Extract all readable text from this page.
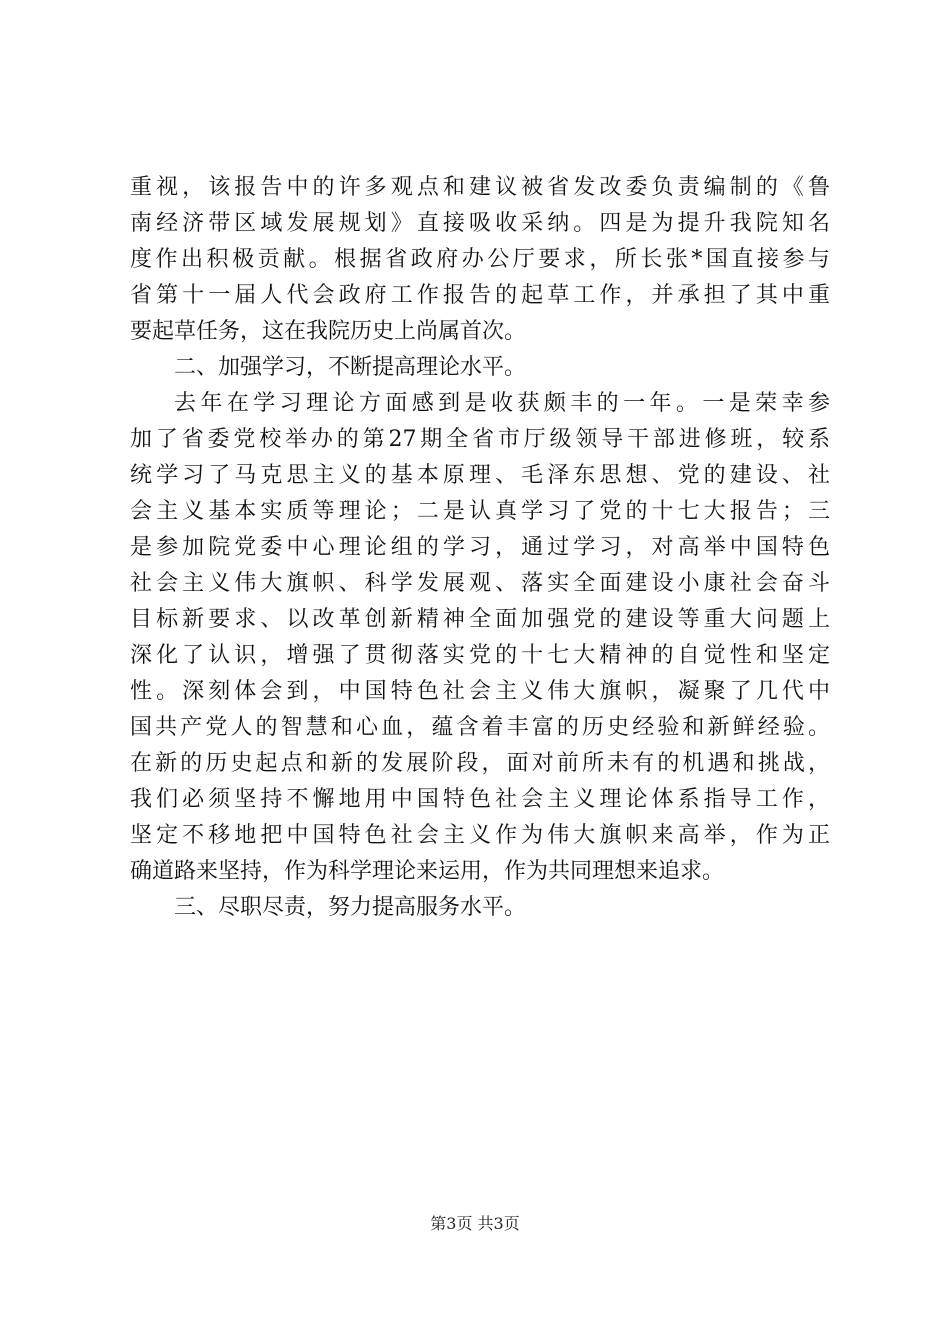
重视，该报告中的许多观点和建议被省发改委负责编制的《鲁
南经济带区域发展规划》直接吸收采纳。四是为提升我院知名
度作出积极贡献。根据省政府办公厅要求，所长张*国直接参与
省第十一届人代会政府工作报告的起草工作，并承担了其中重
要起草任务，这在我院历史上尚属首次。
二、加强学习，不断提高理论水平。
去年在学习理论方面感到是收获颇丰的一年。一是荣幸参
加了省委党校举办的第27期全省市厅级领导干部进修班，较系
统学习了马克思主义的基本原理、毛泽东思想、党的建设、社
会主义基本实质等理论；二是认真学习了党的十七大报告；三
是参加院党委中心理论组的学习，通过学习，对高举中国特色
社会主义伟大旗帜、科学发展观、落实全面建设小康社会奋斗
目标新要求、以改革创新精神全面加强党的建设等重大问题上
深化了认识，增强了贯彻落实党的十七大精神的自觉性和坚定
性。深刻体会到，中国特色社会主义伟大旗帜，凝聚了几代中
国共产党人的智慧和心血，蕴含着丰富的历史经验和新鲜经验。
在新的历史起点和新的发展阶段，面对前所未有的机遇和挑战，
我们必须坚持不懈地用中国特色社会主义理论体系指导工作，
坚定不移地把中国特色社会主义作为伟大旗帜来高举，作为正
确道路来坚持，作为科学理论来运用，作为共同理想来追求。
三、尽职尽责，努力提高服务水平。
第3页 共3页
